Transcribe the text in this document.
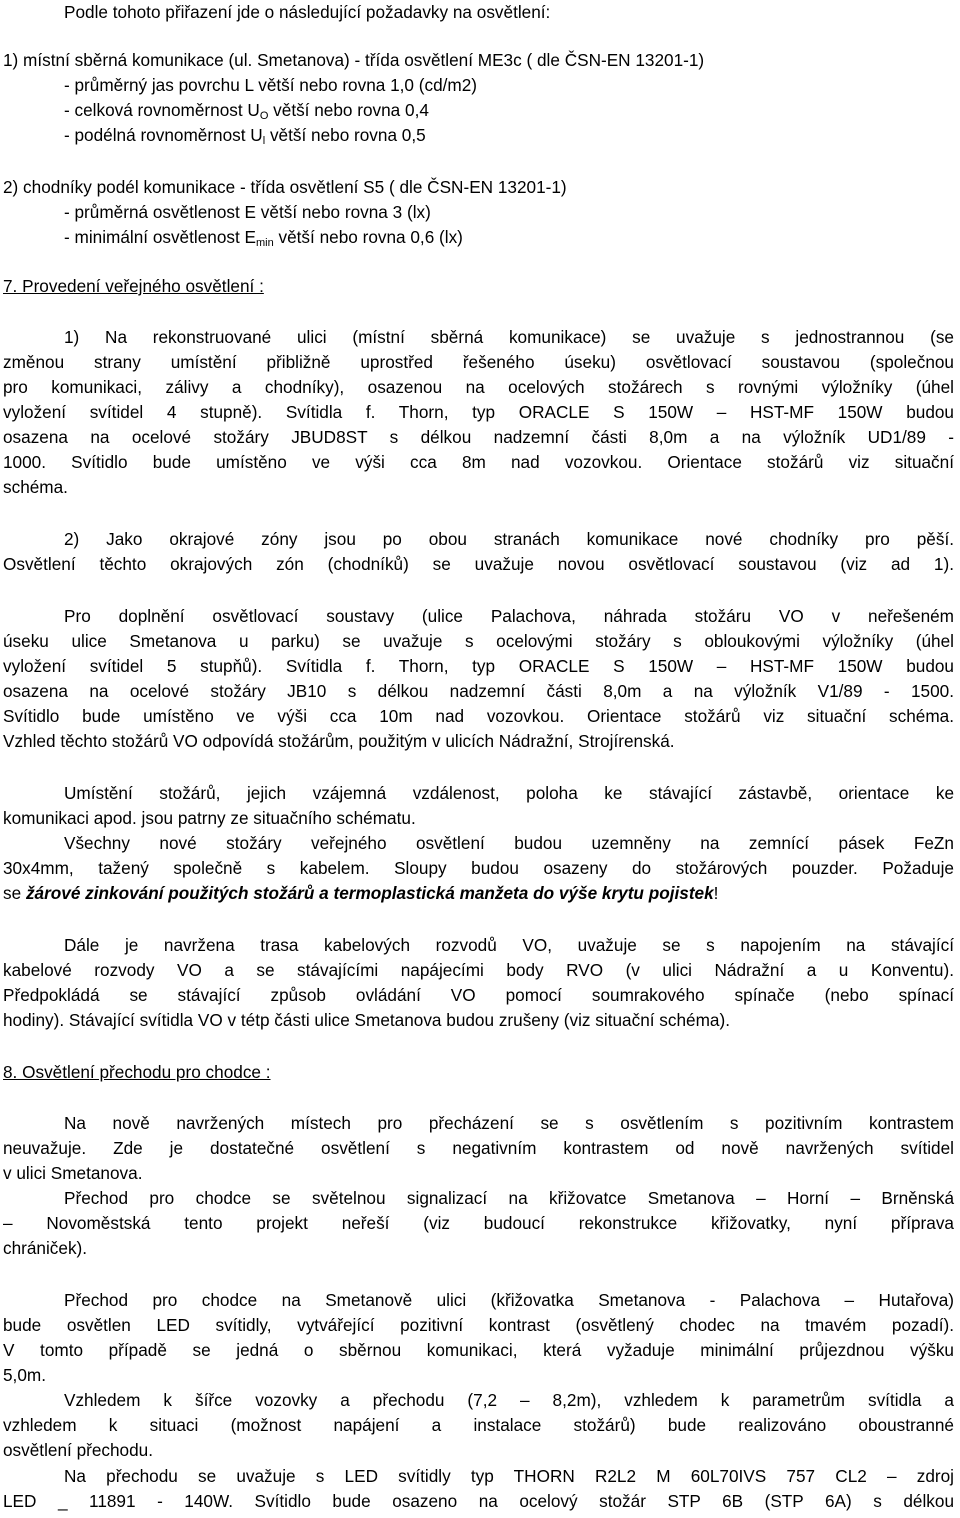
Podle tohoto přiřazení jde o následující požadavky na osvětlení:
1) místní sběrná komunikace (ul. Smetanova) - třída osvětlení ME3c ( dle ČSN-EN 13201-1)
- průměrný jas povrchu L větší nebo rovna 1,0 (cd/m2)
- celková rovnoměrnost $U_O$ větší nebo rovna 0,4
- podélná rovnoměrnost $U_l$ větší nebo rovna 0,5
2) chodníky podél komunikace - třída osvětlení S5 ( dle ČSN-EN 13201-1)
- průměrná osvětlenost E větší nebo rovna 3 (lx)
- minimální osvětlenost $E_{min}$ větší nebo rovna 0,6 (lx)
7. Provedení veřejného osvětlení :
1) Na rekonstruované ulici (místní sběrná komunikace) se uvažuje s jednostrannou (se
změnou strany umístění přibližně uprostřed řešeného úseku) osvětlovací soustavou (společnou
pro komunikaci, zálivy a chodníky), osazenou na ocelových stožárech s rovnými výložníky (úhel
vyložení svítidel 4 stupně). Svítidla f. Thorn, typ ORACLE S 150W – HST-MF 150W budou
osazena na ocelové stožáry JBUD8ST s délkou nadzemní části 8,0m a na výložník UD1/89 -
1000. Svítidlo bude umístěno ve výši cca 8m nad vozovkou. Orientace stožárů viz situační
schéma.
2) Jako okrajové zóny jsou po obou stranách komunikace nové chodníky pro pěší.
Osvětlení těchto okrajových zón (chodníků) se uvažuje novou osvětlovací soustavou (viz ad 1).
Pro doplnění osvětlovací soustavy (ulice Palachova, náhrada stožáru VO v neřešeném
úseku ulice Smetanova u parku) se uvažuje s ocelovými stožáry s obloukovými výložníky (úhel
vyložení svítidel 5 stupňů). Svítidla f. Thorn, typ ORACLE S 150W – HST-MF 150W budou
osazena na ocelové stožáry JB10 s délkou nadzemní části 8,0m a na výložník V1/89 - 1500.
Svítidlo bude umístěno ve výši cca 10m nad vozovkou. Orientace stožárů viz situační schéma.
Vzhled těchto stožárů VO odpovídá stožárům, použitým v ulicích Nádražní, Strojírenská.
Umístění stožárů, jejich vzájemná vzdálenost, poloha ke stávající zástavbě, orientace ke
komunikaci apod. jsou patrny ze situačního schématu.
Všechny nové stožáry veřejného osvětlení budou uzemněny na zemnící pásek FeZn
30x4mm, tažený společně s kabelem. Sloupy budou osazeny do stožárových pouzder. Požaduje
se žárové zinkování použitých stožárů a termoplastická manžeta do výše krytu pojistek!
Dále je navržena trasa kabelových rozvodů VO, uvažuje se s napojením na stávající
kabelové rozvody VO a se stávajícími napájecími body RVO (v ulici Nádražní a u Konventu).
Předpokládá se stávající způsob ovládání VO pomocí soumrakového spínače (nebo spínací
hodiny). Stávající svítidla VO v tétp části ulice Smetanova budou zrušeny (viz situační schéma).
8. Osvětlení přechodu pro chodce :
Na nově navržených místech pro přecházení se s osvětlením s pozitivním kontrastem
neuvažuje. Zde je dostatečné osvětlení s negativním kontrastem od nově navržených svítidel
v ulici Smetanova.
Přechod pro chodce se světelnou signalizací na křižovatce Smetanova – Horní – Brněnská
– Novoměstská tento projekt neřeší (viz budoucí rekonstrukce křižovatky, nyní příprava
chrániček).
Přechod pro chodce na Smetanově ulici (křižovatka Smetanova - Palachova – Hutařova)
bude osvětlen LED svítidly, vytvářející pozitivní kontrast (osvětlený chodec na tmavém pozadí).
V tomto případě se jedná o sběrnou komunikaci, která vyžaduje minimální průjezdnou výšku
5,0m.
Vzhledem k šířce vozovky a přechodu (7,2 – 8,2m), vzhledem k parametrům svítidla a
vzhledem k situaci (možnost napájení a instalace stožárů) bude realizováno oboustranné
osvětlení přechodu.
Na přechodu se uvažuje s LED svítidly typ THORN R2L2 M 60L70IVS 757 CL2 – zdroj
LED _ 11891 - 140W. Svítidlo bude osazeno na ocelový stožár STP 6B (STP 6A) s délkou
